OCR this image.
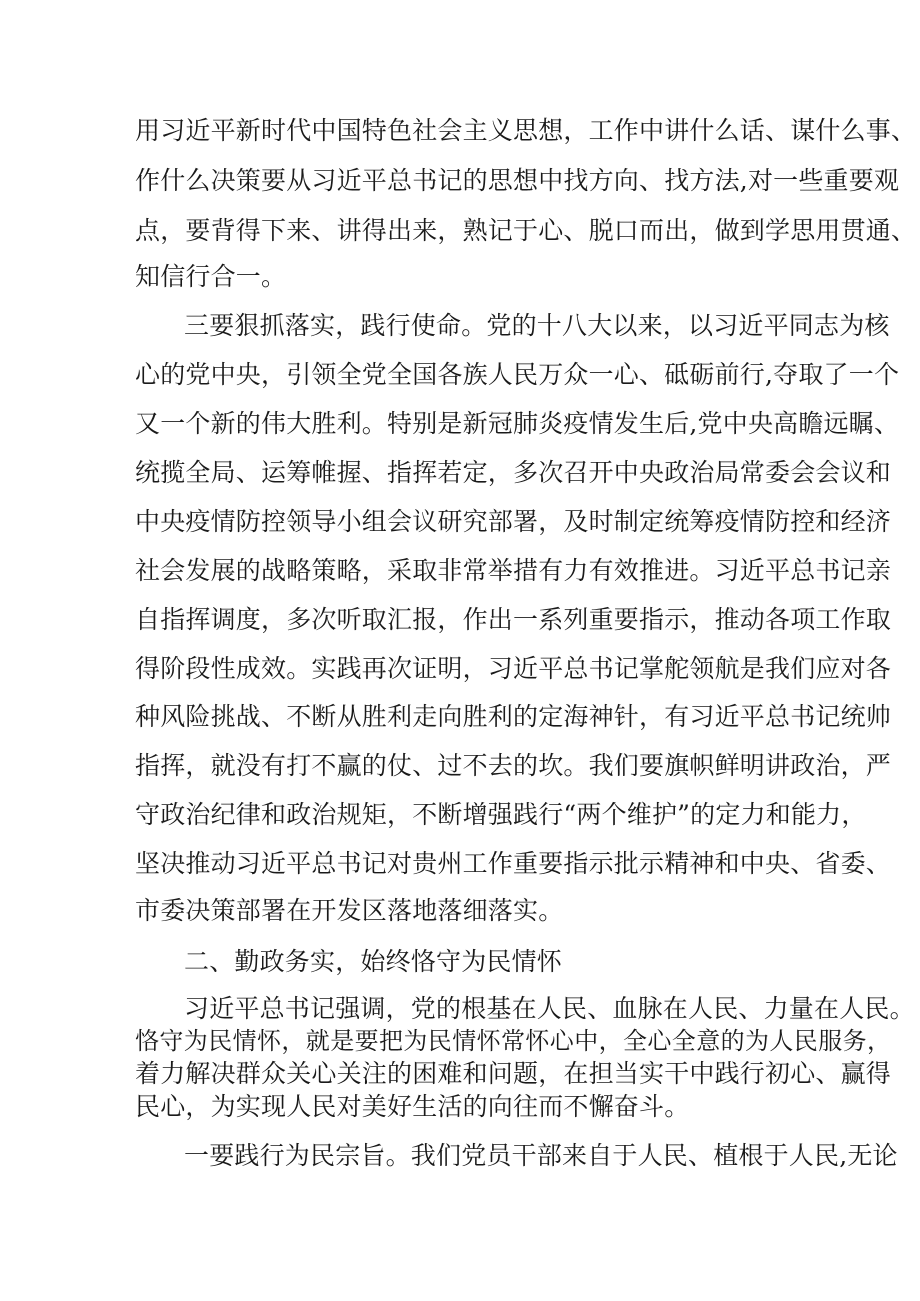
用习近平新时代中国特色社会主义思想，工作中讲什么话、谋什么事、
作什么决策要从习近平总书记的思想中找方向、找方法,对一些重要观
点，要背得下来、讲得出来，熟记于心、脱口而出，做到学思用贯通、
知信行合一。
三要狠抓落实，践行使命。党的十八大以来，以习近平同志为核
心的党中央，引领全党全国各族人民万众一心、砥砺前行,夺取了一个
又一个新的伟大胜利。特别是新冠肺炎疫情发生后,党中央高瞻远瞩、
统揽全局、运筹帷握、指挥若定，多次召开中央政治局常委会会议和
中央疫情防控领导小组会议研究部署，及时制定统筹疫情防控和经济
社会发展的战略策略，采取非常举措有力有效推进。习近平总书记亲
自指挥调度，多次听取汇报，作出一系列重要指示，推动各项工作取
得阶段性成效。实践再次证明，习近平总书记掌舵领航是我们应对各
种风险挑战、不断从胜利走向胜利的定海神针，有习近平总书记统帅
指挥，就没有打不赢的仗、过不去的坎。我们要旗帜鲜明讲政治，严
守政治纪律和政治规矩，不断增强践行“两个维护”的定力和能力，
坚决推动习近平总书记对贵州工作重要指示批示精神和中央、省委、
市委决策部署在开发区落地落细落实。
二、勤政务实，始终恪守为民情怀
习近平总书记强调，党的根基在人民、血脉在人民、力量在人民。
恪守为民情怀，就是要把为民情怀常怀心中，全心全意的为人民服务，
着力解决群众关心关注的困难和问题，在担当实干中践行初心、赢得
民心，为实现人民对美好生活的向往而不懈奋斗。
一要践行为民宗旨。我们党员干部来自于人民、植根于人民,无论
